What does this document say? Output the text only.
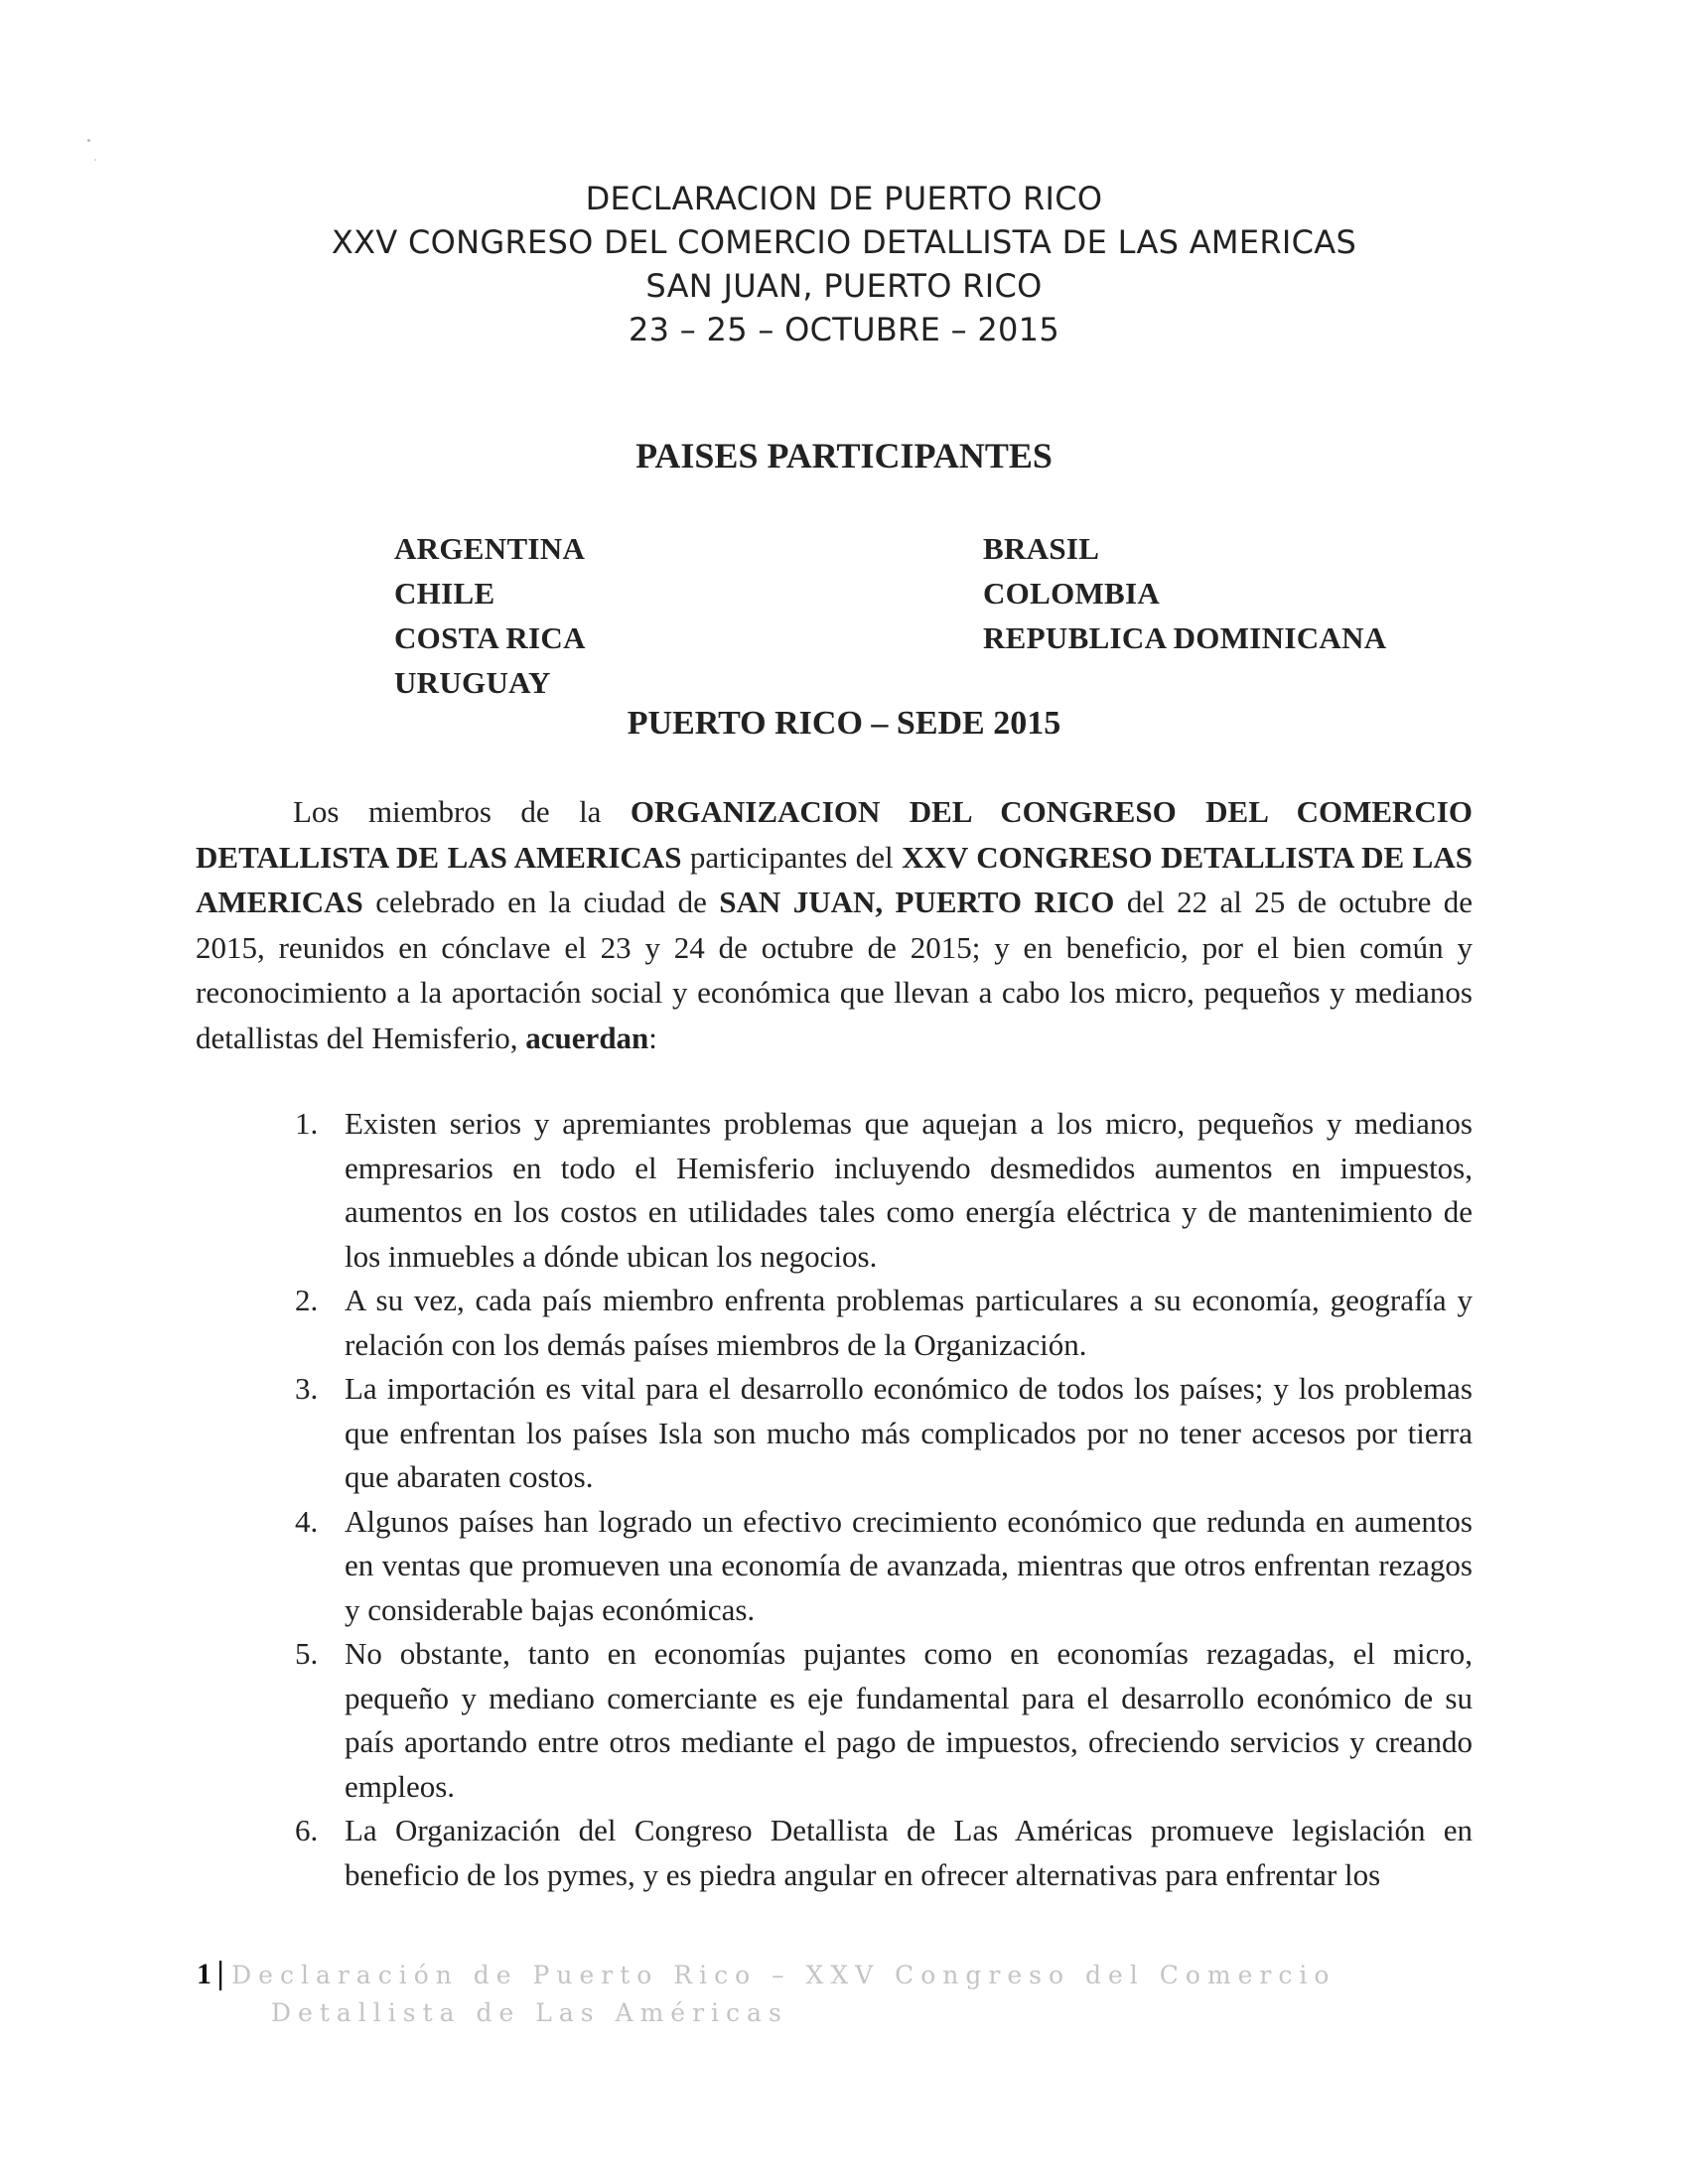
DECLARACION DE PUERTO RICO
XXV CONGRESO DEL COMERCIO DETALLISTA DE LAS AMERICAS
SAN JUAN, PUERTO RICO
23 – 25 – OCTUBRE – 2015
PAISES PARTICIPANTES
ARGENTINA
CHILE
COSTA RICA
URUGUAY
BRASIL
COLOMBIA
REPUBLICA DOMINICANA
PUERTO RICO – SEDE 2015

Los miembros de la ORGANIZACION DEL CONGRESO DEL COMERCIO DETALLISTA DE LAS AMERICAS participantes del XXV CONGRESO DETALLISTA DE LAS AMERICAS celebrado en la ciudad de SAN JUAN, PUERTO RICO del 22 al 25 de octubre de 2015, reunidos en cónclave el 23 y 24 de octubre de 2015; y en beneficio, por el bien común y reconocimiento a la aportación social y económica que llevan a cabo los micro, pequeños y medianos detallistas del Hemisferio, acuerdan:

1. Existen serios y apremiantes problemas que aquejan a los micro, pequeños y medianos empresarios en todo el Hemisferio incluyendo desmedidos aumentos en impuestos, aumentos en los costos en utilidades tales como energía eléctrica y de mantenimiento de los inmuebles a dónde ubican los negocios.
2. A su vez, cada país miembro enfrenta problemas particulares a su economía, geografía y relación con los demás países miembros de la Organización.
3. La importación es vital para el desarrollo económico de todos los países; y los problemas que enfrentan los países Isla son mucho más complicados por no tener accesos por tierra que abaraten costos.
4. Algunos países han logrado un efectivo crecimiento económico que redunda en aumentos en ventas que promueven una economía de avanzada, mientras que otros enfrentan rezagos y considerable bajas económicas.
5. No obstante, tanto en economías pujantes como en economías rezagadas, el micro, pequeño y mediano comerciante es eje fundamental para el desarrollo económico de su país aportando entre otros mediante el pago de impuestos, ofreciendo servicios y creando empleos.
6. La Organización del Congreso Detallista de Las Américas promueve legislación en beneficio de los pymes, y es piedra angular en ofrecer alternativas para enfrentar los
1 | Declaración de Puerto Rico – XXV Congreso del Comercio
Detallista de Las Américas
